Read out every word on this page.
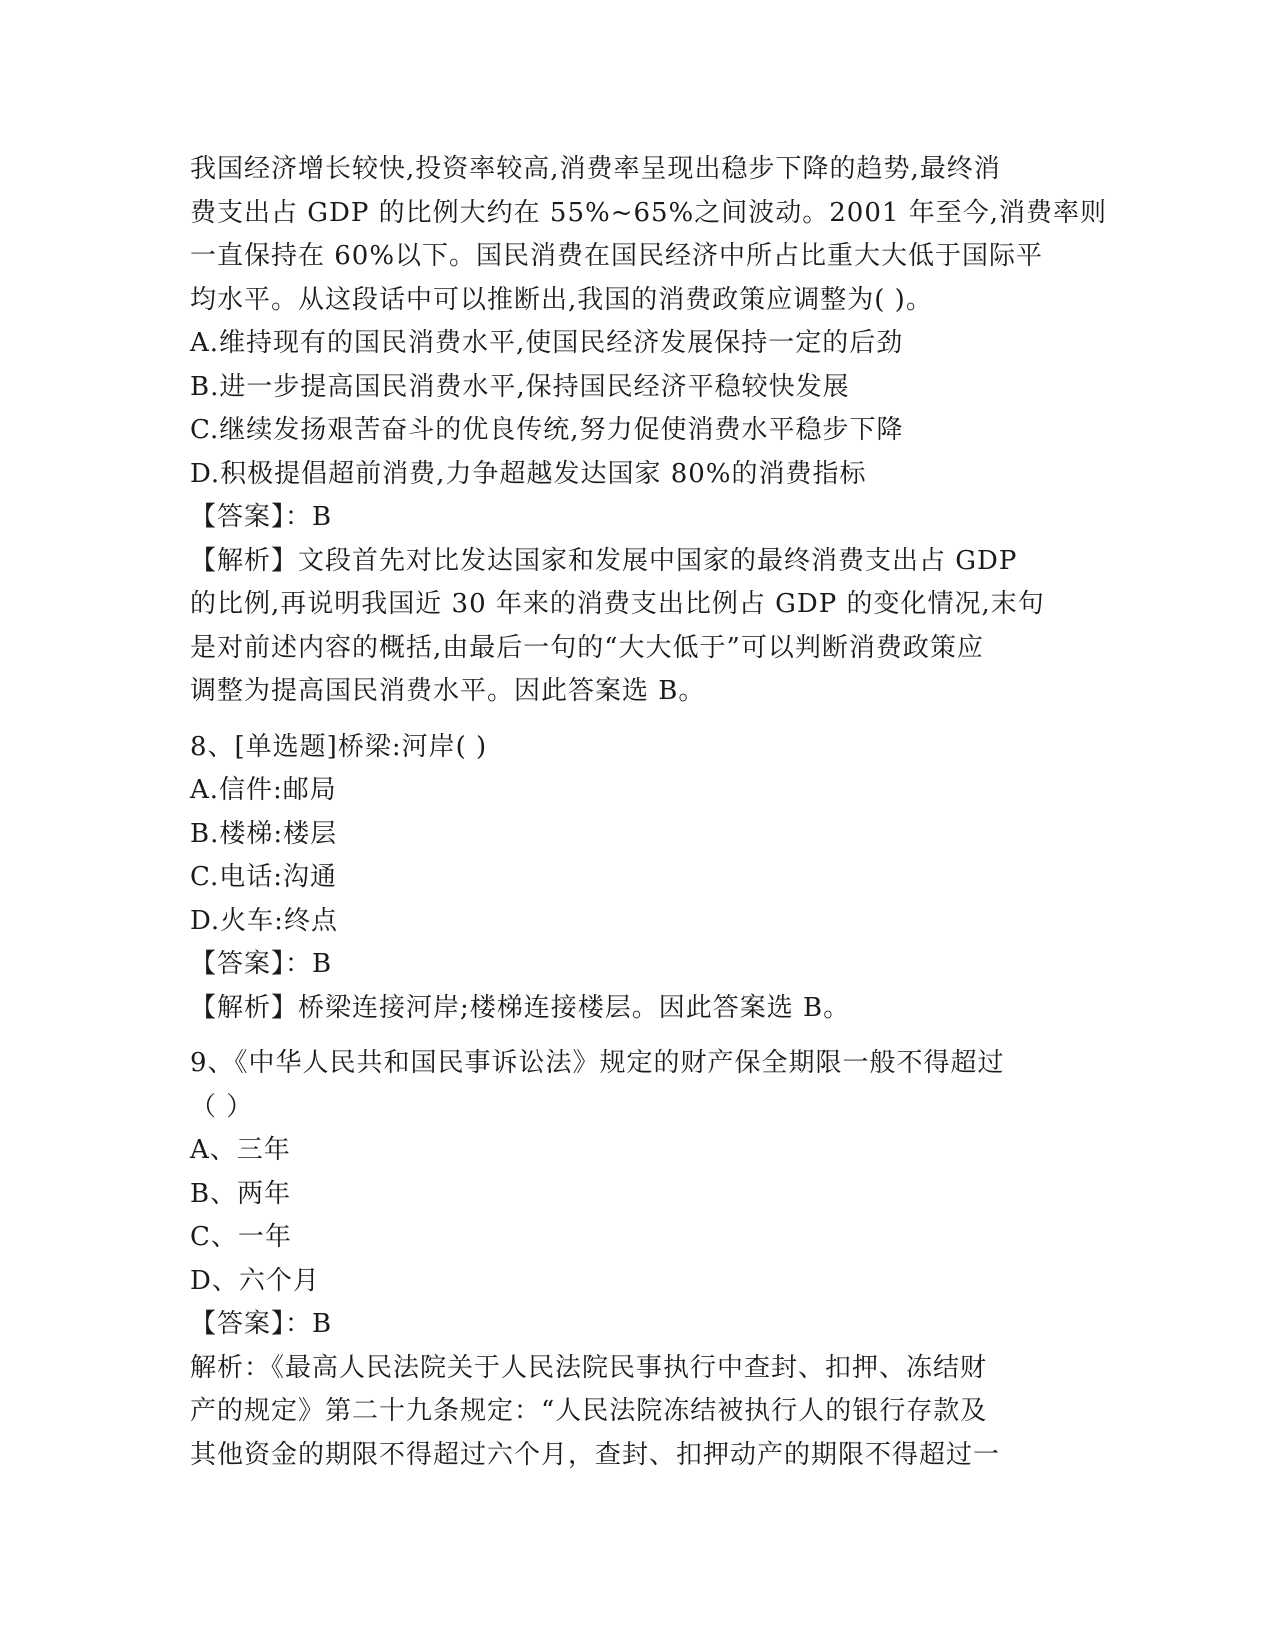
我国经济增长较快,投资率较高,消费率呈现出稳步下降的趋势,最终消
费支出占 GDP 的比例大约在 55%~65%之间波动。2001 年至今,消费率则
一直保持在 60%以下。国民消费在国民经济中所占比重大大低于国际平
均水平。从这段话中可以推断出,我国的消费政策应调整为( )。
A.维持现有的国民消费水平,使国民经济发展保持一定的后劲
B.进一步提高国民消费水平,保持国民经济平稳较快发展
C.继续发扬艰苦奋斗的优良传统,努力促使消费水平稳步下降
D.积极提倡超前消费,力争超越发达国家 80%的消费指标
【答案】：B
【解析】文段首先对比发达国家和发展中国家的最终消费支出占 GDP
的比例,再说明我国近 30 年来的消费支出比例占 GDP 的变化情况,末句
是对前述内容的概括,由最后一句的“大大低于”可以判断消费政策应
调整为提高国民消费水平。因此答案选 B。
8、[单选题]桥梁:河岸( )
A.信件:邮局
B.楼梯:楼层
C.电话:沟通
D.火车:终点
【答案】：B
【解析】桥梁连接河岸;楼梯连接楼层。因此答案选 B。
9、《中华人民共和国民事诉讼法》规定的财产保全期限一般不得超过
（ ）
A、三年
B、两年
C、一年
D、六个月
【答案】：B
解析：《最高人民法院关于人民法院民事执行中查封、扣押、冻结财
产的规定》第二十九条规定：“人民法院冻结被执行人的银行存款及
其他资金的期限不得超过六个月，查封、扣押动产的期限不得超过一
